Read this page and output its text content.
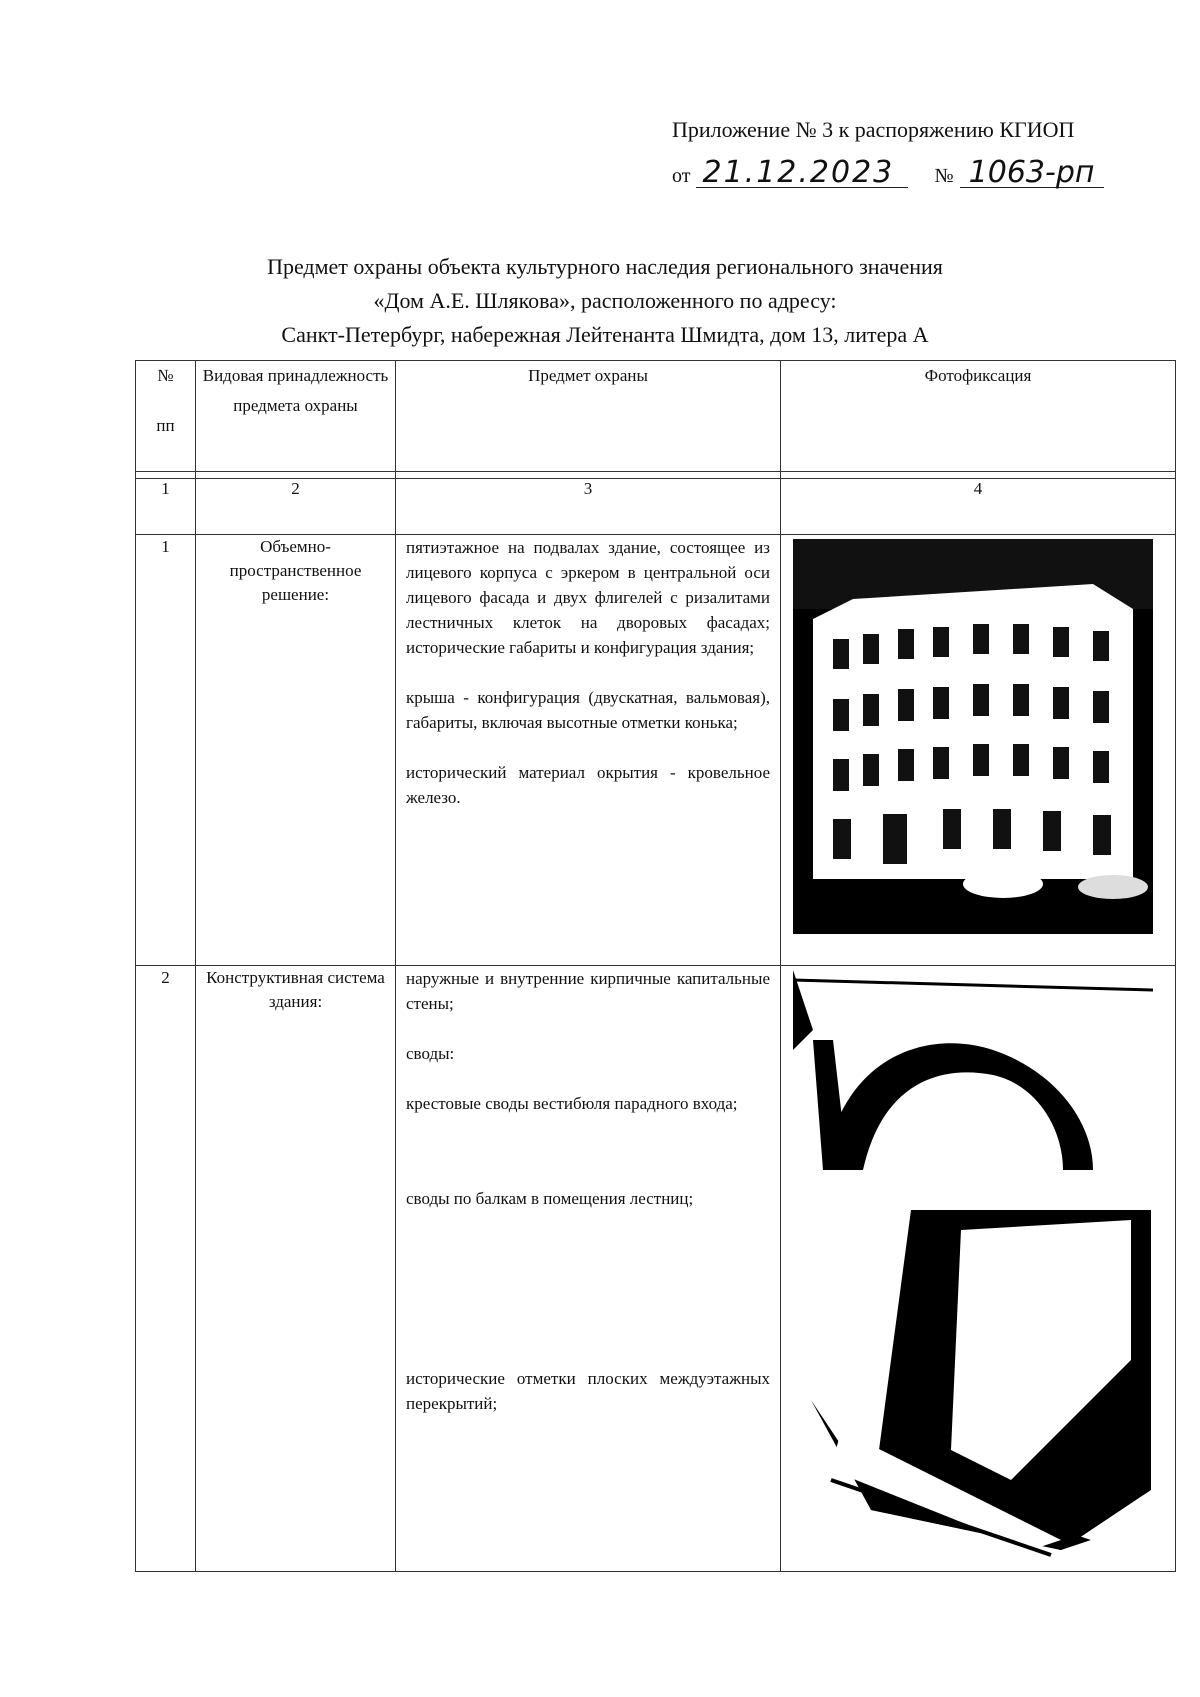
Приложение № 3 к распоряжению КГИОП
от 21.12.2023 № 1063-рп
Предмет охраны объекта культурного наследия регионального значения
«Дом А.Е. Шлякова», расположенного по адресу:
Санкт-Петербург, набережная Лейтенанта Шмидта, дом 13, литера А
№
пп	Видовая принадлежность предмета охраны	Предмет охраны	Фотофиксация

1	2	3	4
1	Объемно-пространственное решение:	пятиэтажное на подвалах здание, состоящее из лицевого корпуса с эркером в центральной оси лицевого фасада и двух флигелей с ризалитами лестничных клеток на дворовых фасадах; исторические габариты и конфигурация здания;

крыша - конфигурация (двускатная, вальмовая), габариты, включая высотные отметки конька;

исторический материал окрытия - кровельное железо.

2	Конструктивная система здания:	наружные и внутренние кирпичные капитальные стены;

своды:

крестовые своды вестибюля парадного входа;

своды по балкам в помещения лестниц;

исторические отметки плоских междуэтажных перекрытий;
